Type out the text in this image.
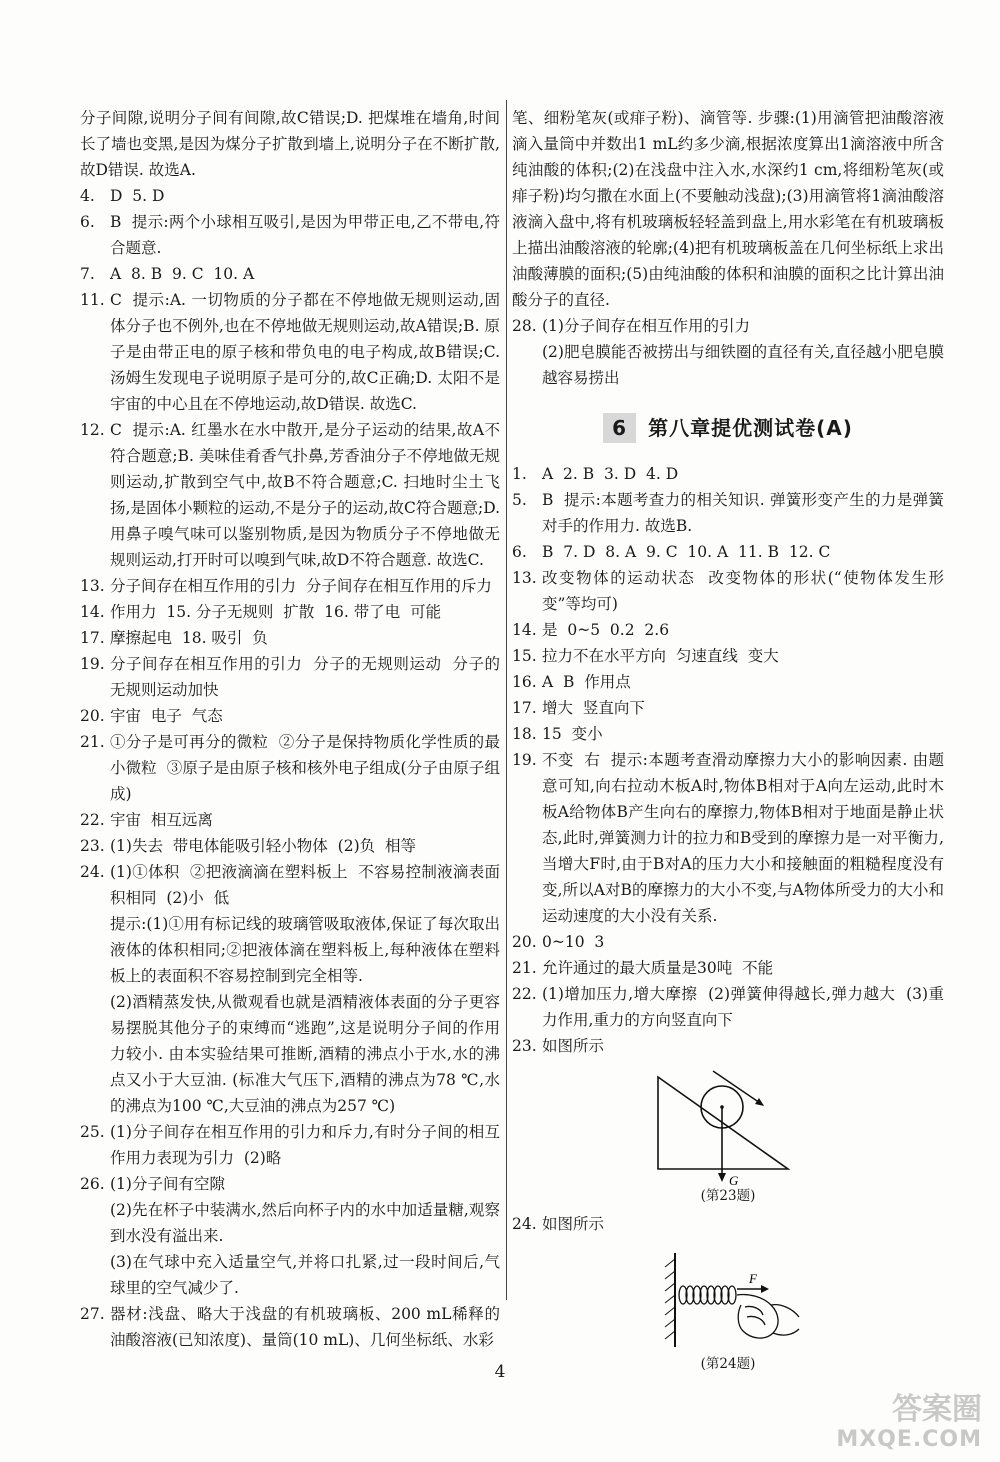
分子间隙,说明分子间有间隙,故C错误;D. 把煤堆在墙角,时间长了墙也变黑,是因为煤分子扩散到墙上,说明分子在不断扩散,故D错误. 故选A.
4. D  5. D
6. B  提示:两个小球相互吸引,是因为甲带正电,乙不带电,符合题意.
7. A  8. B  9. C  10. A
11. C  提示:A. 一切物质的分子都在不停地做无规则运动,固体分子也不例外,也在不停地做无规则运动,故A错误;B. 原子是由带正电的原子核和带负电的电子构成,故B错误;C. 汤姆生发现电子说明原子是可分的,故C正确;D. 太阳不是宇宙的中心且在不停地运动,故D错误. 故选C.
12. C  提示:A. 红墨水在水中散开,是分子运动的结果,故A不符合题意;B. 美味佳肴香气扑鼻,芳香油分子不停地做无规则运动,扩散到空气中,故B不符合题意;C. 扫地时尘土飞扬,是固体小颗粒的运动,不是分子的运动,故C符合题意;D. 用鼻子嗅气味可以鉴别物质,是因为物质分子不停地做无规则运动,打开时可以嗅到气味,故D不符合题意. 故选C.
13. 分子间存在相互作用的引力  分子间存在相互作用的斥力
14. 作用力  15. 分子无规则  扩散  16. 带了电  可能
17. 摩擦起电  18. 吸引  负
19. 分子间存在相互作用的引力  分子的无规则运动  分子的无规则运动加快
20. 宇宙  电子  气态
21. ①分子是可再分的微粒  ②分子是保持物质化学性质的最小微粒  ③原子是由原子核和核外电子组成(分子由原子组成)
22. 宇宙  相互远离
23. (1)失去  带电体能吸引轻小物体  (2)负  相等
24. (1)①体积  ②把液滴滴在塑料板上  不容易控制液滴表面积相同  (2)小  低
提示:(1)①用有标记线的玻璃管吸取液体,保证了每次取出液体的体积相同;②把液体滴在塑料板上,每种液体在塑料板上的表面积不容易控制到完全相等.
(2)酒精蒸发快,从微观看也就是酒精液体表面的分子更容易摆脱其他分子的束缚而“逃跑”,这是说明分子间的作用力较小. 由本实验结果可推断,酒精的沸点小于水,水的沸点又小于大豆油. (标准大气压下,酒精的沸点为78 ℃,水的沸点为100 ℃,大豆油的沸点为257 ℃)
25. (1)分子间存在相互作用的引力和斥力,有时分子间的相互作用力表现为引力  (2)略
26. (1)分子间有空隙
(2)先在杯子中装满水,然后向杯子内的水中加适量糖,观察到水没有溢出来.
(3)在气球中充入适量空气,并将口扎紧,过一段时间后,气球里的空气减少了.
27. 器材:浅盘、略大于浅盘的有机玻璃板、200 mL稀释的油酸溶液(已知浓度)、量筒(10 mL)、几何坐标纸、水彩
笔、细粉笔灰(或痱子粉)、滴管等. 步骤:(1)用滴管把油酸溶液滴入量筒中并数出1 mL约多少滴,根据浓度算出1滴溶液中所含纯油酸的体积;(2)在浅盘中注入水,水深约1 cm,将细粉笔灰(或痱子粉)均匀撒在水面上(不要触动浅盘);(3)用滴管将1滴油酸溶液滴入盘中,将有机玻璃板轻轻盖到盘上,用水彩笔在有机玻璃板上描出油酸溶液的轮廓;(4)把有机玻璃板盖在几何坐标纸上求出油酸薄膜的面积;(5)由纯油酸的体积和油膜的面积之比计算出油酸分子的直径.
28. (1)分子间存在相互作用的引力
(2)肥皂膜能否被捞出与细铁圈的直径有关,直径越小肥皂膜越容易捞出
6 第八章提优测试卷(A)
1. A  2. B  3. D  4. D
5. B  提示:本题考查力的相关知识. 弹簧形变产生的力是弹簧对手的作用力. 故选B.
6. B  7. D  8. A  9. C  10. A  11. B  12. C
13. 改变物体的运动状态  改变物体的形状(“使物体发生形变”等均可)
14. 是  0~5  0.2  2.6
15. 拉力不在水平方向  匀速直线  变大
16. A  B  作用点
17. 增大  竖直向下
18. 15  变小
19. 不变  右  提示:本题考查滑动摩擦力大小的影响因素. 由题意可知,向右拉动木板A时,物体B相对于A向左运动,此时木板A给物体B产生向右的摩擦力,物体B相对于地面是静止状态,此时,弹簧测力计的拉力和B受到的摩擦力是一对平衡力,当增大F时,由于B对A的压力大小和接触面的粗糙程度没有变,所以A对B的摩擦力的大小不变,与A物体所受力的大小和运动速度的大小没有关系.
20. 0~10  3
21. 允许通过的最大质量是30吨  不能
22. (1)增加压力,增大摩擦  (2)弹簧伸得越长,弹力越大  (3)重力作用,重力的方向竖直向下
23. 如图所示
G
(第23题)
24. 如图所示
F
(第24题)
4
答案圈
MXQE.COM
